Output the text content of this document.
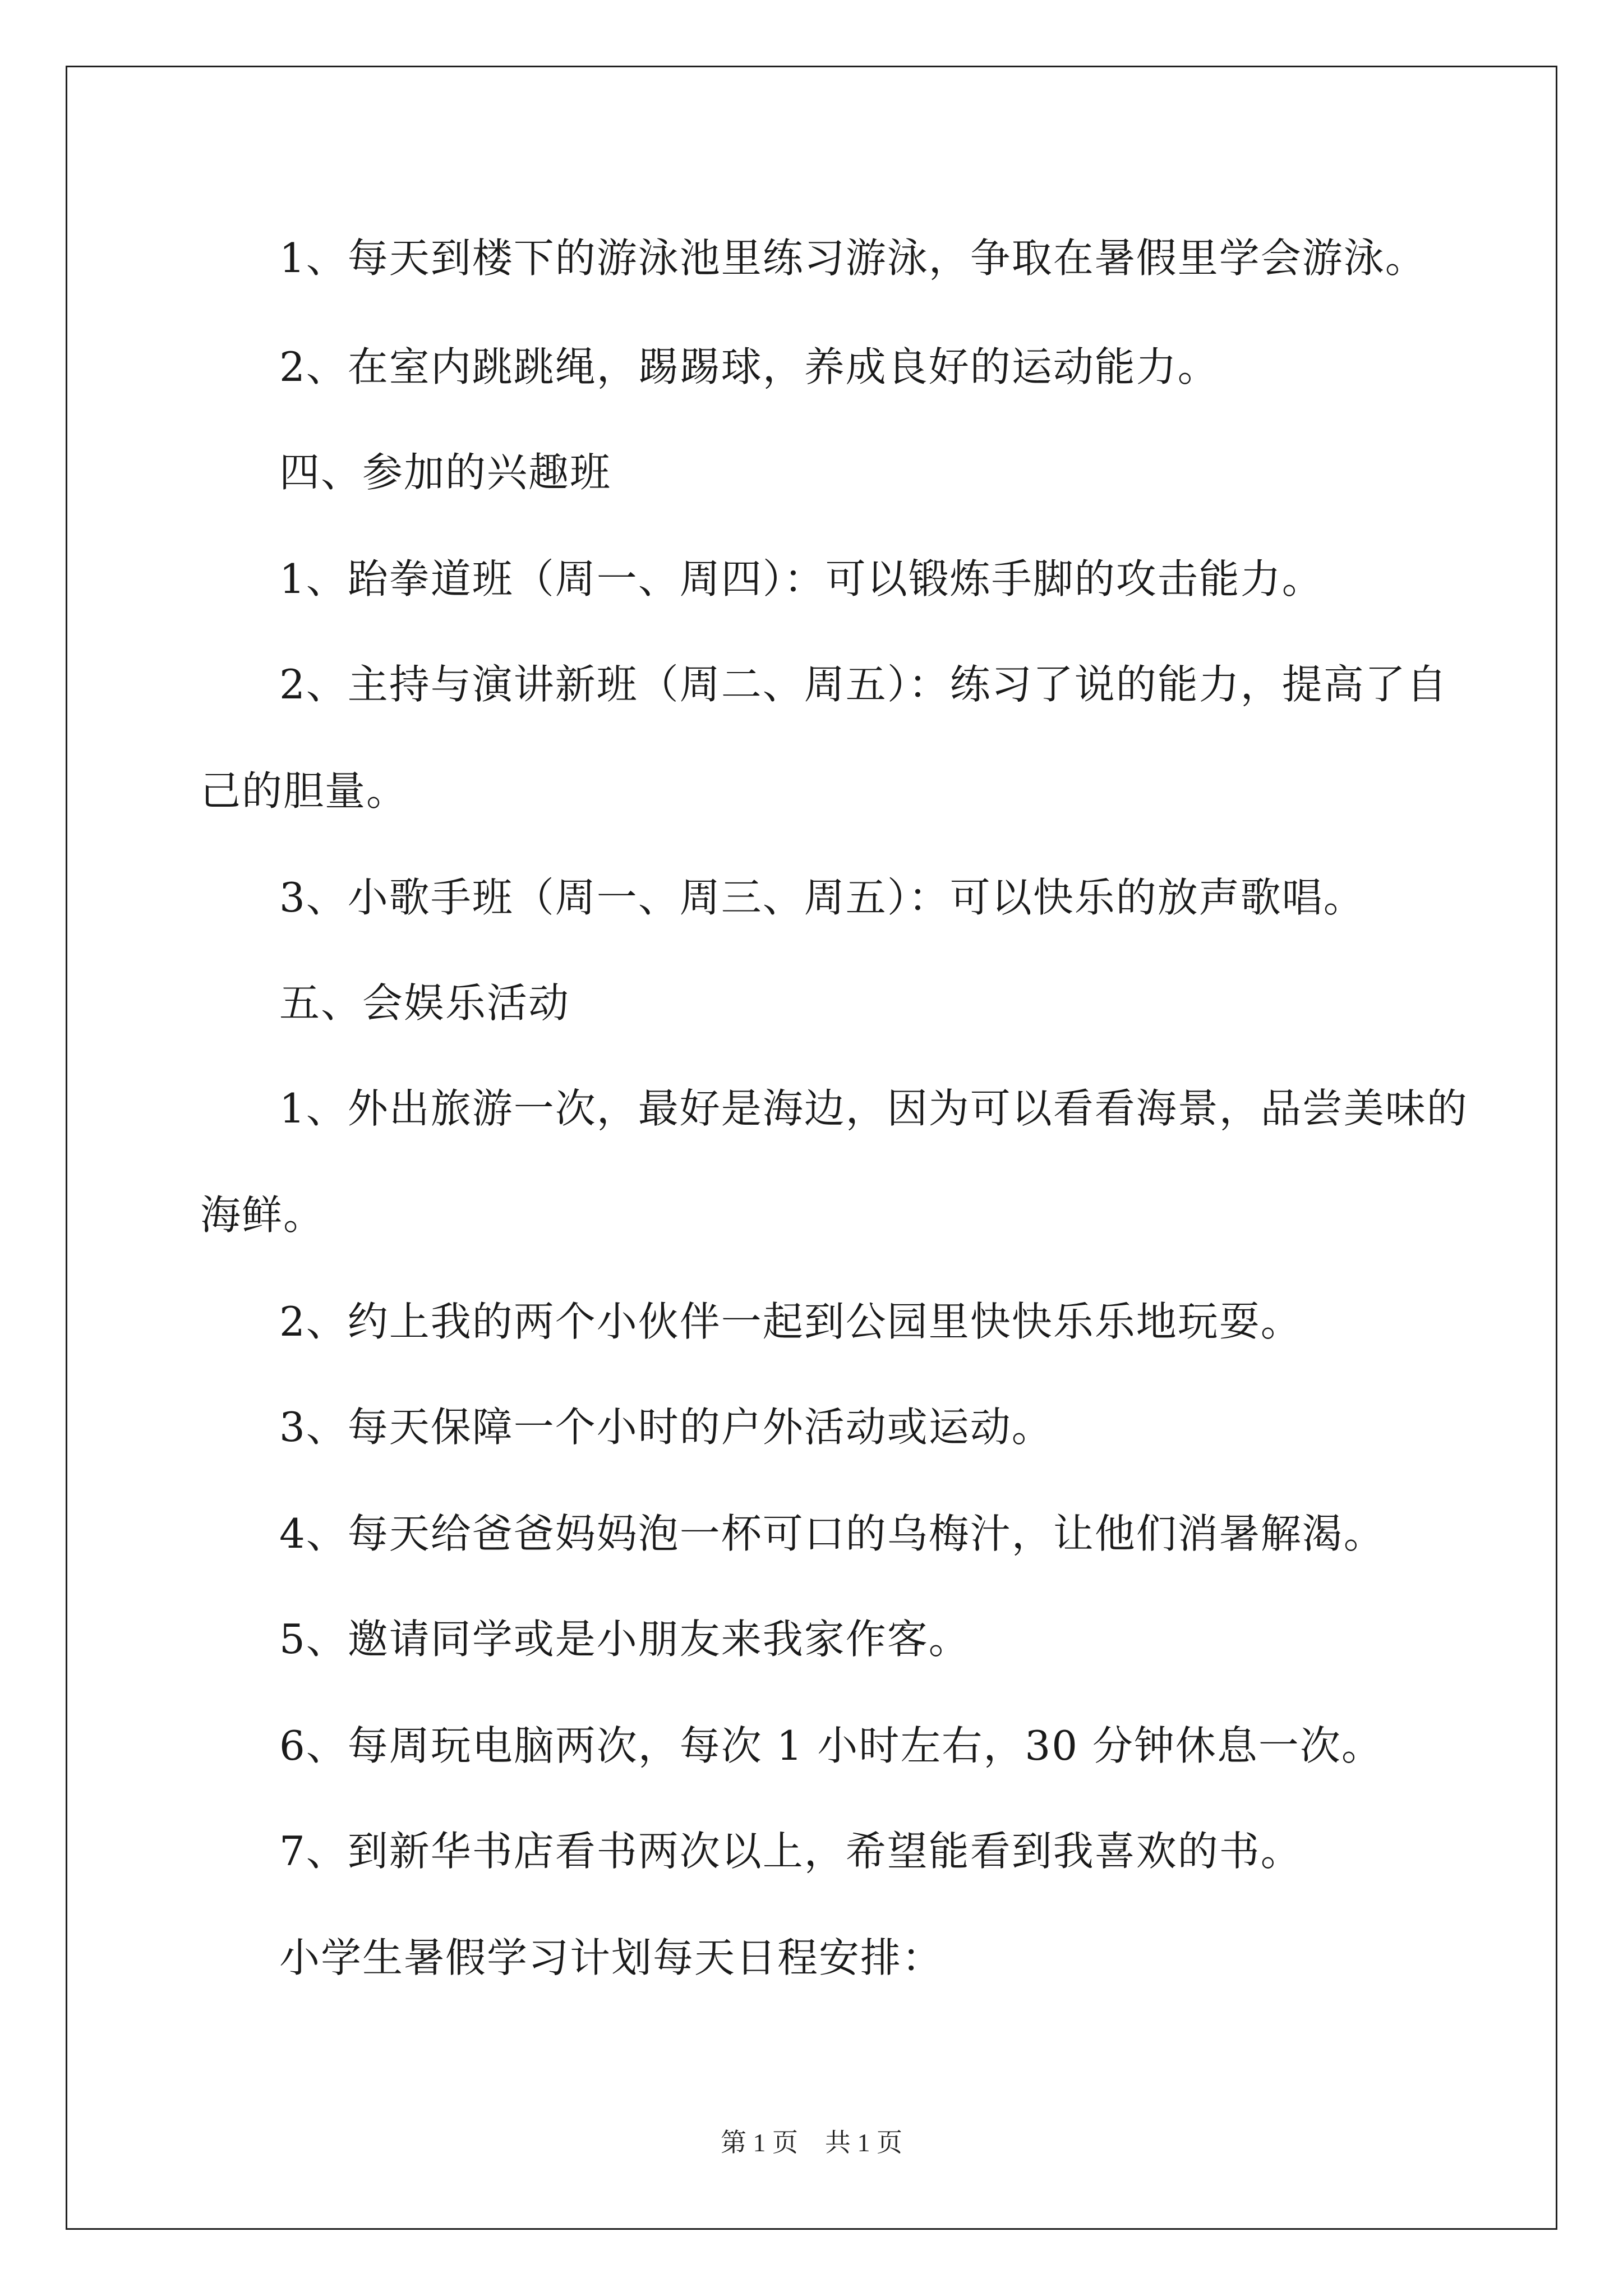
1、每天到楼下的游泳池里练习游泳，争取在暑假里学会游泳。
2、在室内跳跳绳，踢踢球，养成良好的运动能力。
四、参加的兴趣班
1、跆拳道班（周一、周四）：可以锻炼手脚的攻击能力。
2、主持与演讲新班（周二、周五）：练习了说的能力，提高了自
己的胆量。
3、小歌手班（周一、周三、周五）：可以快乐的放声歌唱。
五、会娱乐活动
1、外出旅游一次，最好是海边，因为可以看看海景，品尝美味的
海鲜。
2、约上我的两个小伙伴一起到公园里快快乐乐地玩耍。
3、每天保障一个小时的户外活动或运动。
4、每天给爸爸妈妈泡一杯可口的乌梅汁，让他们消暑解渴。
5、邀请同学或是小朋友来我家作客。
6、每周玩电脑两次，每次 1 小时左右，30 分钟休息一次。
7、到新华书店看书两次以上，希望能看到我喜欢的书。
小学生暑假学习计划每天日程安排：
第 1 页 共 1 页
